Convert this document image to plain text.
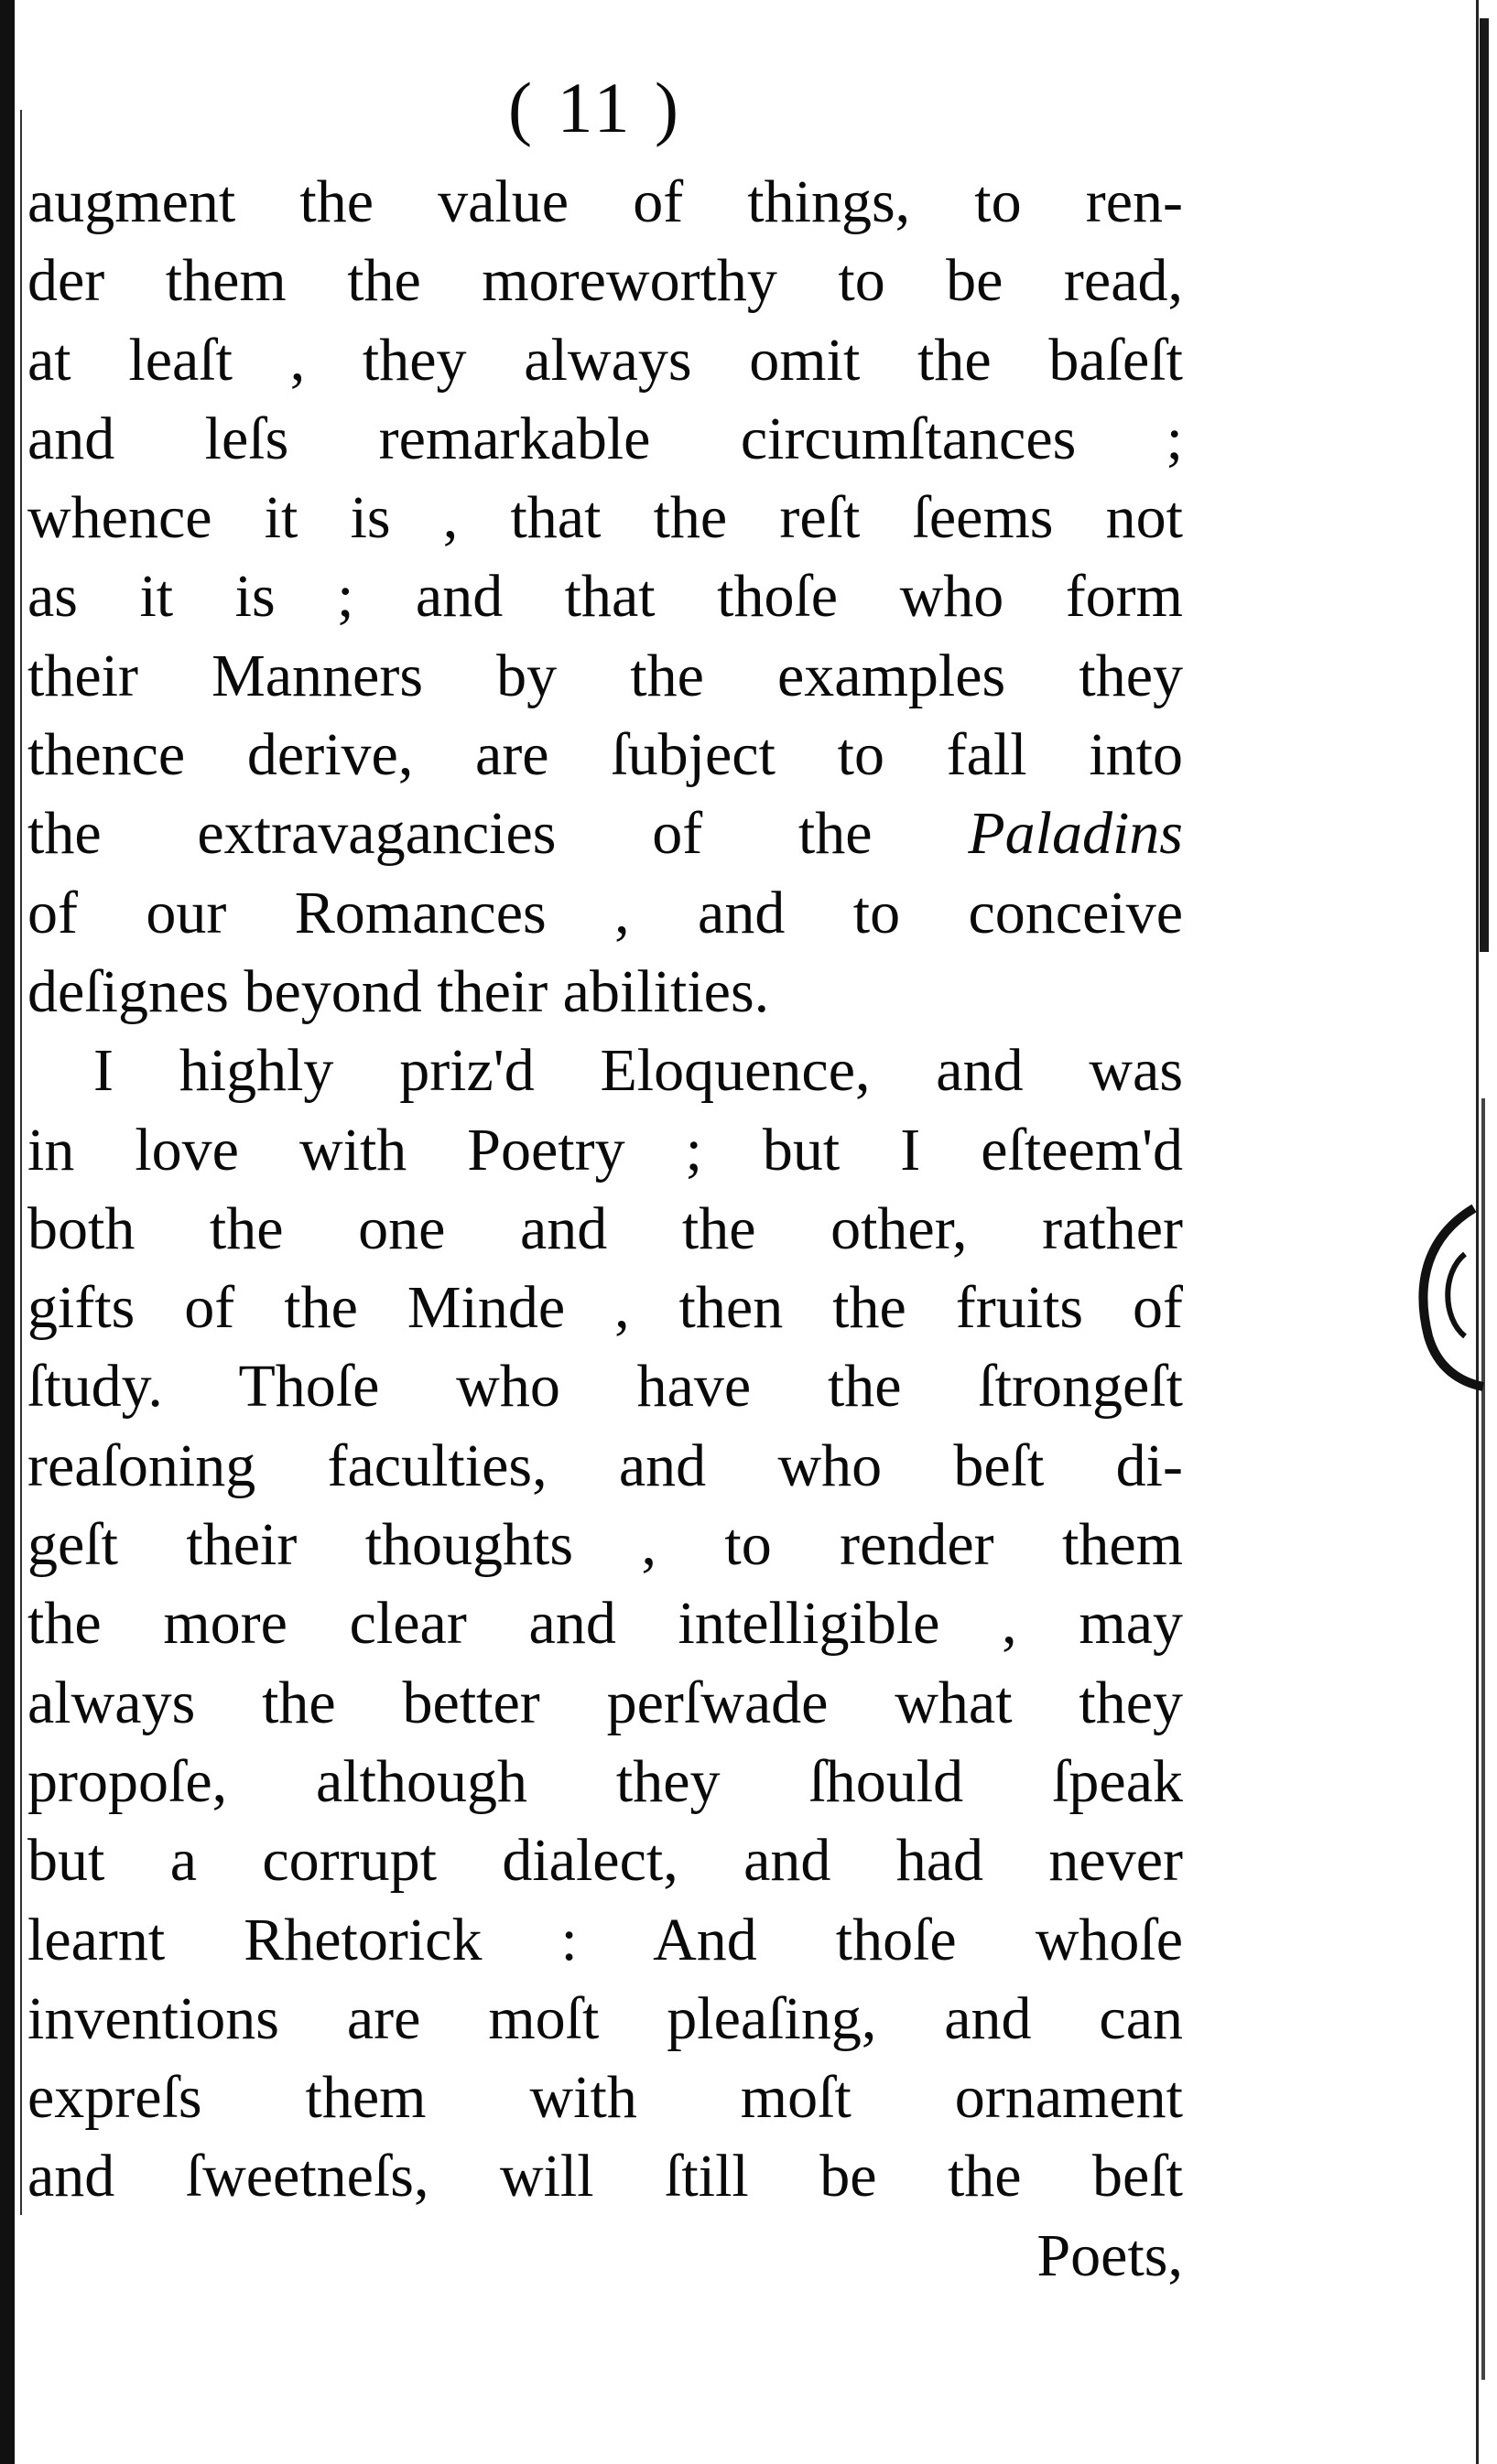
( 11 )
augment the value of things, to ren-
der them the moreworthy to be read,
at leaſt , they always omit the baſeſt
and leſs remarkable circumſtances ;
whence it is , that the reſt ſeems not
as it is ; and that thoſe who form
their Manners by the examples they
thence derive, are ſubject to fall into
the extravagancies of the Paladins
of our Romances , and to conceive
deſignes beyond their abilities.
I highly priz'd Eloquence, and was
in love with Poetry ; but I eſteem'd
both the one and the other, rather
gifts of the Minde , then the fruits of
ſtudy. Thoſe who have the ſtrongeſt
reaſoning faculties, and who beſt di-
geſt their thoughts , to render them
the more clear and intelligible , may
always the better perſwade what they
propoſe, although they ſhould ſpeak
but a corrupt dialect, and had never
learnt Rhetorick : And thoſe whoſe
inventions are moſt pleaſing, and can
expreſs them with moſt ornament
and ſweetneſs, will ſtill be the beſt
Poets,
